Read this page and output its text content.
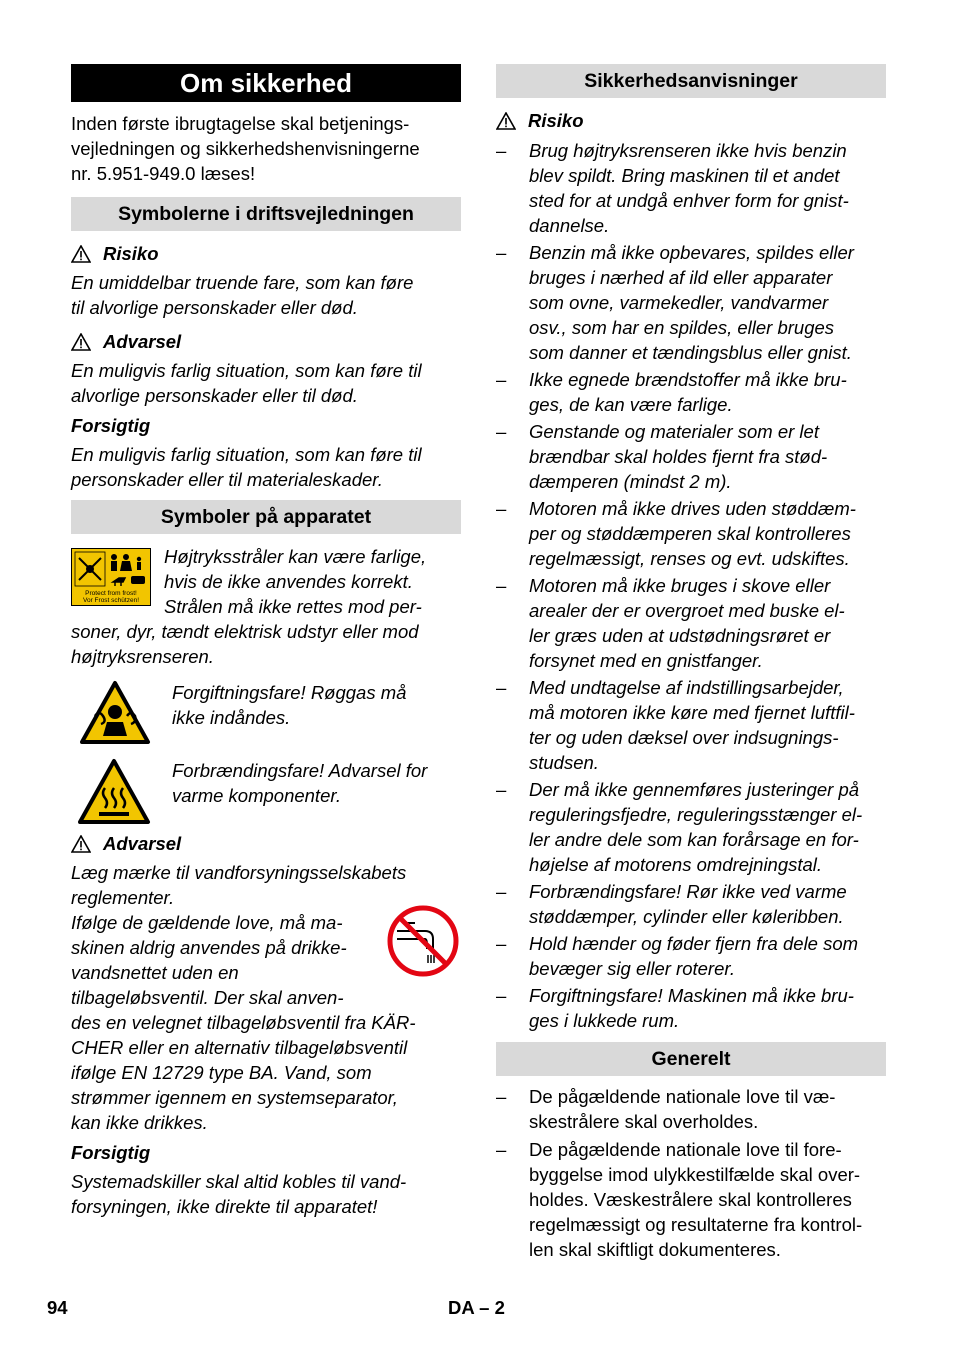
Om sikkerhed
Inden første ibrugtagelse skal betjenings-
vejledningen og sikkerhedshenvisningerne
nr. 5.951-949.0 læses!
Symbolerne i driftsvejledningen
Risiko
En umiddelbar truende fare, som kan føre
til alvorlige personskader eller død.
Advarsel
En muligvis farlig situation, som kan føre til
alvorlige personskader eller til død.
Forsigtig
En muligvis farlig situation, som kan føre til
personskader eller til materialeskader.
Symboler på apparatet
Protect from frost!
Vor Frost schützen!
Højtryksstråler kan være farlige,
hvis de ikke anvendes korrekt.
Strålen må ikke rettes mod per-
soner, dyr, tændt elektrisk udstyr eller mod
højtryksrenseren.
Forgiftningsfare! Røggas må
ikke indåndes.
Forbrændingsfare! Advarsel for
varme komponenter.
Advarsel
Læg mærke til vandforsyningsselskabets
reglementer.
Ifølge de gældende love, må ma-
skinen aldrig anvendes på drikke-
vandsnettet uden en
tilbageløbsventil. Der skal anven-
des en velegnet tilbageløbsventil fra KÄR-
CHER eller en alternativ tilbageløbsventil
ifølge EN 12729 type BA. Vand, som
strømmer igennem en systemseparator,
kan ikke drikkes.
Forsigtig
Systemadskiller skal altid kobles til vand-
forsyningen, ikke direkte til apparatet!
Sikkerhedsanvisninger
Risiko
–	Brug højtryksrenseren ikke hvis benzin
blev spildt. Bring maskinen til et andet
sted for at undgå enhver form for gnist-
dannelse.
–	Benzin må ikke opbevares, spildes eller
bruges i nærhed af ild eller apparater
som ovne, varmekedler, vandvarmer
osv., som har en spildes, eller bruges
som danner et tændingsblus eller gnist.
–	Ikke egnede brændstoffer må ikke bru-
ges, de kan være farlige.
–	Genstande og materialer som er let
brændbar skal holdes fjernt fra stød-
dæmperen (mindst 2 m).
–	Motoren må ikke drives uden støddæm-
per og støddæmperen skal kontrolleres
regelmæssigt, renses og evt. udskiftes.
–	Motoren må ikke bruges i skove eller
arealer der er overgroet med buske el-
ler græs uden at udstødningsrøret er
forsynet med en gnistfanger.
–	Med undtagelse af indstillingsarbejder,
må motoren ikke køre med fjernet luftfil-
ter og uden dæksel over indsugnings-
studsen.
–	Der må ikke gennemføres justeringer på
reguleringsfjedre, reguleringsstænger el-
ler andre dele som kan forårsage en for-
højelse af motorens omdrejningstal.
–	Forbrændingsfare! Rør ikke ved varme
støddæmper, cylinder eller køleribben.
–	Hold hænder og føder fjern fra dele som
bevæger sig eller roterer.
–	Forgiftningsfare! Maskinen må ikke bru-
ges i lukkede rum.
Generelt
–	De pågældende nationale love til væ-
skestrålere skal overholdes.
–	De pågældende nationale love til fore-
byggelse imod ulykkestilfælde skal over-
holdes. Væskestrålere skal kontrolleres
regelmæssigt og resultaterne fra kontrol-
len skal skiftligt dokumenteres.
94	DA – 2
